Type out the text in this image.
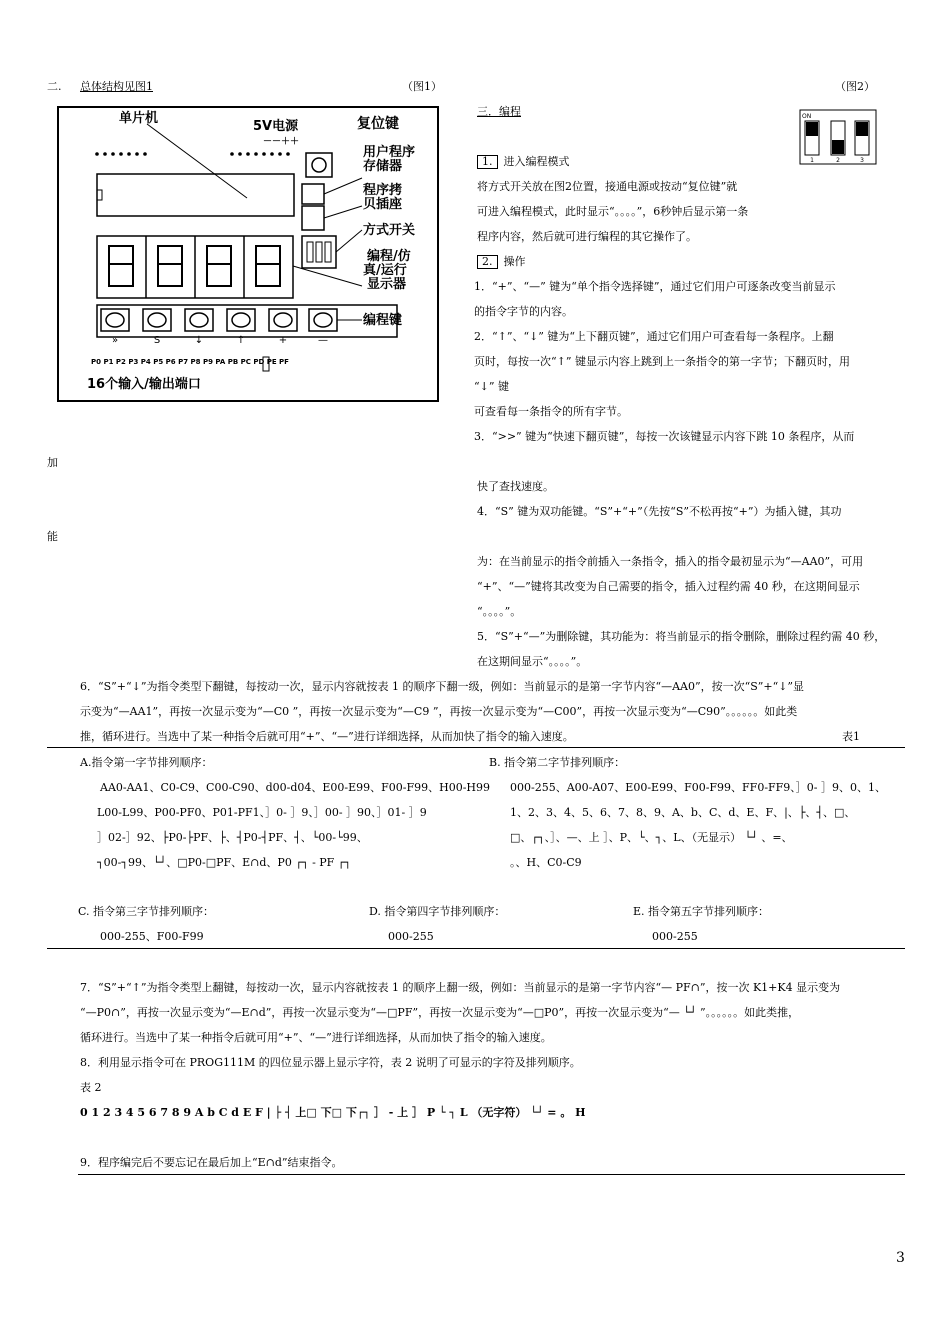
二. 总体结构见图1	（图1）	（图2）
»	S	↓	↑	+	—
P0 P1 P2 P3 P4 P5 P6 P7 P8 P9 PA PB PC PD PE PF
16个输入/输出端口
单片机
5V电源
－－＋＋
复位键
用户程序
存储器
程序拷
贝插座
方式开关
编程/仿
真/运行
显示器
编程键
三．编程	ON
1	2	3
1. 进入编程模式
将方式开关放在图2位置，接通电源或按动“复位键”就
可进入编程模式，此时显示“。。。。”，6秒钟后显示第一条
程序内容，然后就可进行编程的其它操作了。
2. 操作
1．“+”、“—” 键为“单个指令选择键”，通过它们用户可逐条改变当前显示
的指令字节的内容。
2．“↑”、“↓” 键为“上下翻页键”，通过它们用户可查看每一条程序。上翻
页时，每按一次“↑” 键显示内容上跳到上一条指令的第一字节；下翻页时，用
“↓” 键
可查看每一条指令的所有字节。
3．“>>” 键为“快速下翻页键”，每按一次该键显示内容下跳 10 条程序，从而
加
快了查找速度。
4．“S” 键为双功能键。“S”+“+”（先按“S”不松再按“+”）为插入键，其功
能
为：在当前显示的指令前插入一条指令，插入的指令最初显示为“—AA0”，可用
“+”、“—”键将其改变为自己需要的指令，插入过程约需 40 秒，在这期间显示
“。。。。”。
5．“S”+“—”为删除键，其功能为：将当前显示的指令删除，删除过程约需 40 秒，
在这期间显示“。。。。”。
6．“S”+“↓”为指令类型下翻键，每按动一次，显示内容就按表 1 的顺序下翻一级，例如：当前显示的是第一字节内容“—AA0”，按一次“S”+“↓”显
示变为“—AA1”，再按一次显示变为“—C0 ”，再按一次显示变为“—C9 ”，再按一次显示变为“—C00”，再按一次显示变为“—C90”。。。。。。如此类
推，循环进行。当选中了某一种指令后就可用“+”、“—”进行详细选择，从而加快了指令的输入速度。	表1
A.指令第一字节排列顺序：
AA0-AA1、C0-C9、C00-C90、d00-d04、E00-E99、F00-F99、H00-H99
L00-L99、P00-PF0、P01-PF1、］0- ］9、］00- ］90、］01- ］9
］02-］92、├P0-├PF、├、┤P0-┤PF、┤、└00-└99、
┐00-┐99、└┘、□P0-□PF、E∩d、P0 ┌┐ - PF ┌┐
B. 指令第二字节排列顺序：
000-255、A00-A07、E00-E99、F00-F99、FF0-FF9、］0- ］9、0、1、
1、2、3、4、5、6、7、8、9、A、b、C、d、E、F、|、├、┤、□、
□、┌┐、］、—、上 ］、P、└、┐、L、（无显示） └┘ 、=、
。、H、C0-C9
C. 指令第三字节排列顺序：
000-255、F00-F99
D. 指令第四字节排列顺序：
000-255
E. 指令第五字节排列顺序：
000-255
7．“S”+“↑”为指令类型上翻键，每按动一次，显示内容就按表 1 的顺序上翻一级，例如：当前显示的是第一字节内容“— PF∩”，按一次 K1+K4 显示变为
“—P0∩”，再按一次显示变为“—E∩d”，再按一次显示变为“—□PF”，再按一次显示变为“—□P0”，再按一次显示变为“— └┘ ”。。。。。。如此类推，
循环进行。当选中了某一种指令后就可用“+”、“—”进行详细选择，从而加快了指令的输入速度。
8．利用显示指令可在 PROG111M 的四位显示器上显示字符，表 2 说明了可显示的字符及排列顺序。
表 2
0 1 2 3 4 5 6 7 8 9 A b C d E F | ├ ┤ 上□ 下□ 下┌┐ ］ - 上 ］ P └ ┐ L （无字符） └┘ = 。 H
9．程序编完后不要忘记在最后加上“E∩d”结束指令。
3
